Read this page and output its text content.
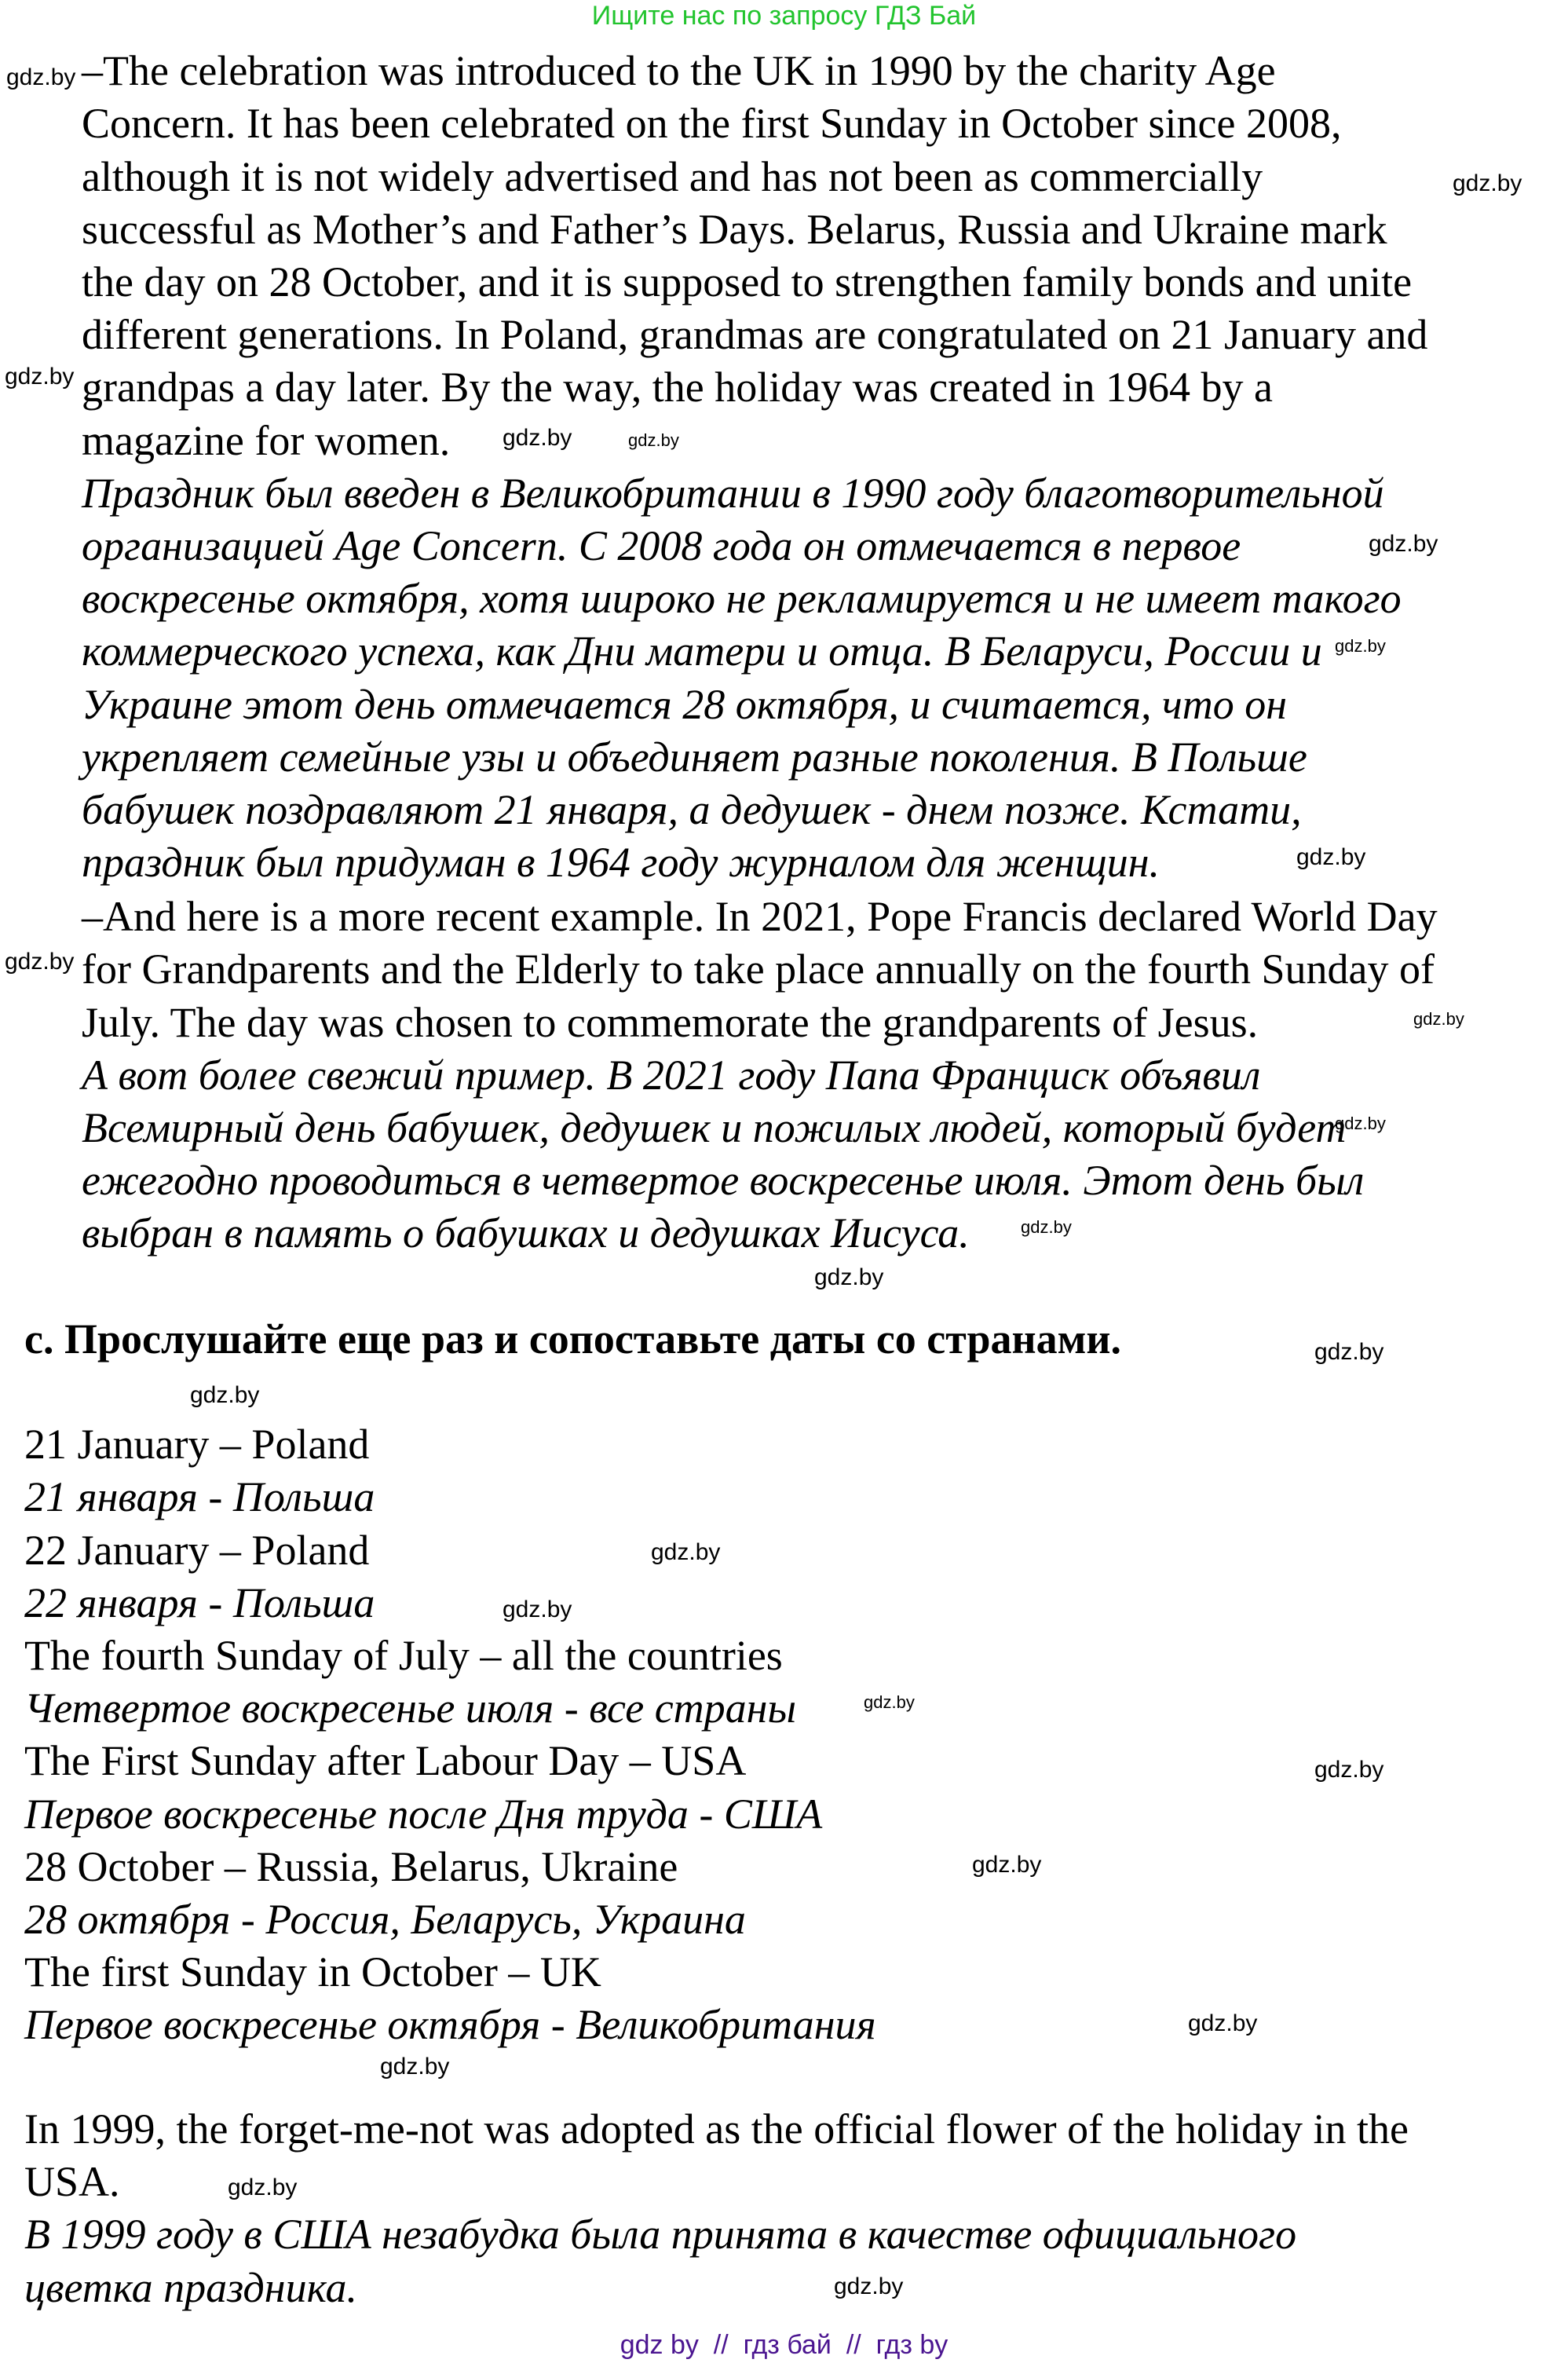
Ищите нас по запросу ГДЗ Бай
–The celebration was introduced to the UK in 1990 by the charity Age
Concern. It has been celebrated on the first Sunday in October since 2008,
although it is not widely advertised and has not been as commercially
successful as Mother’s and Father’s Days. Belarus, Russia and Ukraine mark
the day on 28 October, and it is supposed to strengthen family bonds and unite
different generations. In Poland, grandmas are congratulated on 21 January and
grandpas a day later. By the way, the holiday was created in 1964 by a
magazine for women.
Праздник был введен в Великобритании в 1990 году благотворительной
организацией Age Concern. С 2008 года он отмечается в первое
воскресенье октября, хотя широко не рекламируется и не имеет такого
коммерческого успеха, как Дни матери и отца. В Беларуси, России и
Украине этот день отмечается 28 октября, и считается, что он
укрепляет семейные узы и объединяет разные поколения. В Польше
бабушек поздравляют 21 января, а дедушек - днем позже. Кстати,
праздник был придуман в 1964 году журналом для женщин.
–And here is a more recent example. In 2021, Pope Francis declared World Day
for Grandparents and the Elderly to take place annually on the fourth Sunday of
July. The day was chosen to commemorate the grandparents of Jesus.
А вот более свежий пример. В 2021 году Папа Франциск объявил
Всемирный день бабушек, дедушек и пожилых людей, который будет
ежегодно проводиться в четвертое воскресенье июля. Этот день был
выбран в память о бабушках и дедушках Иисуса.
c. Прослушайте еще раз и сопоставьте даты со странами.
21 January – Poland
21 января - Польша
22 January – Poland
22 января - Польша
The fourth Sunday of July – all the countries
Четвертое воскресенье июля - все страны
The First Sunday after Labour Day – USA
Первое воскресенье после Дня труда - США
28 October – Russia, Belarus, Ukraine
28 октября - Россия, Беларусь, Украина
The first Sunday in October – UK
Первое воскресенье октября - Великобритания
In 1999, the forget-me-not was adopted as the official flower of the holiday in the
USA.
В 1999 году в США незабудка была принята в качестве официального
цветка праздника.
gdz.by
gdz.by
gdz.by
gdz.by
gdz.by
gdz.by
gdz.by
gdz.by
gdz.by
gdz.by
gdz.by
gdz.by
gdz.by
gdz.by
gdz.by
gdz.by
gdz.by
gdz.by
gdz.by
gdz.by
gdz.by
gdz.by
gdz.by
gdz.by
gdz by  //  гдз бай  //  гдз by
